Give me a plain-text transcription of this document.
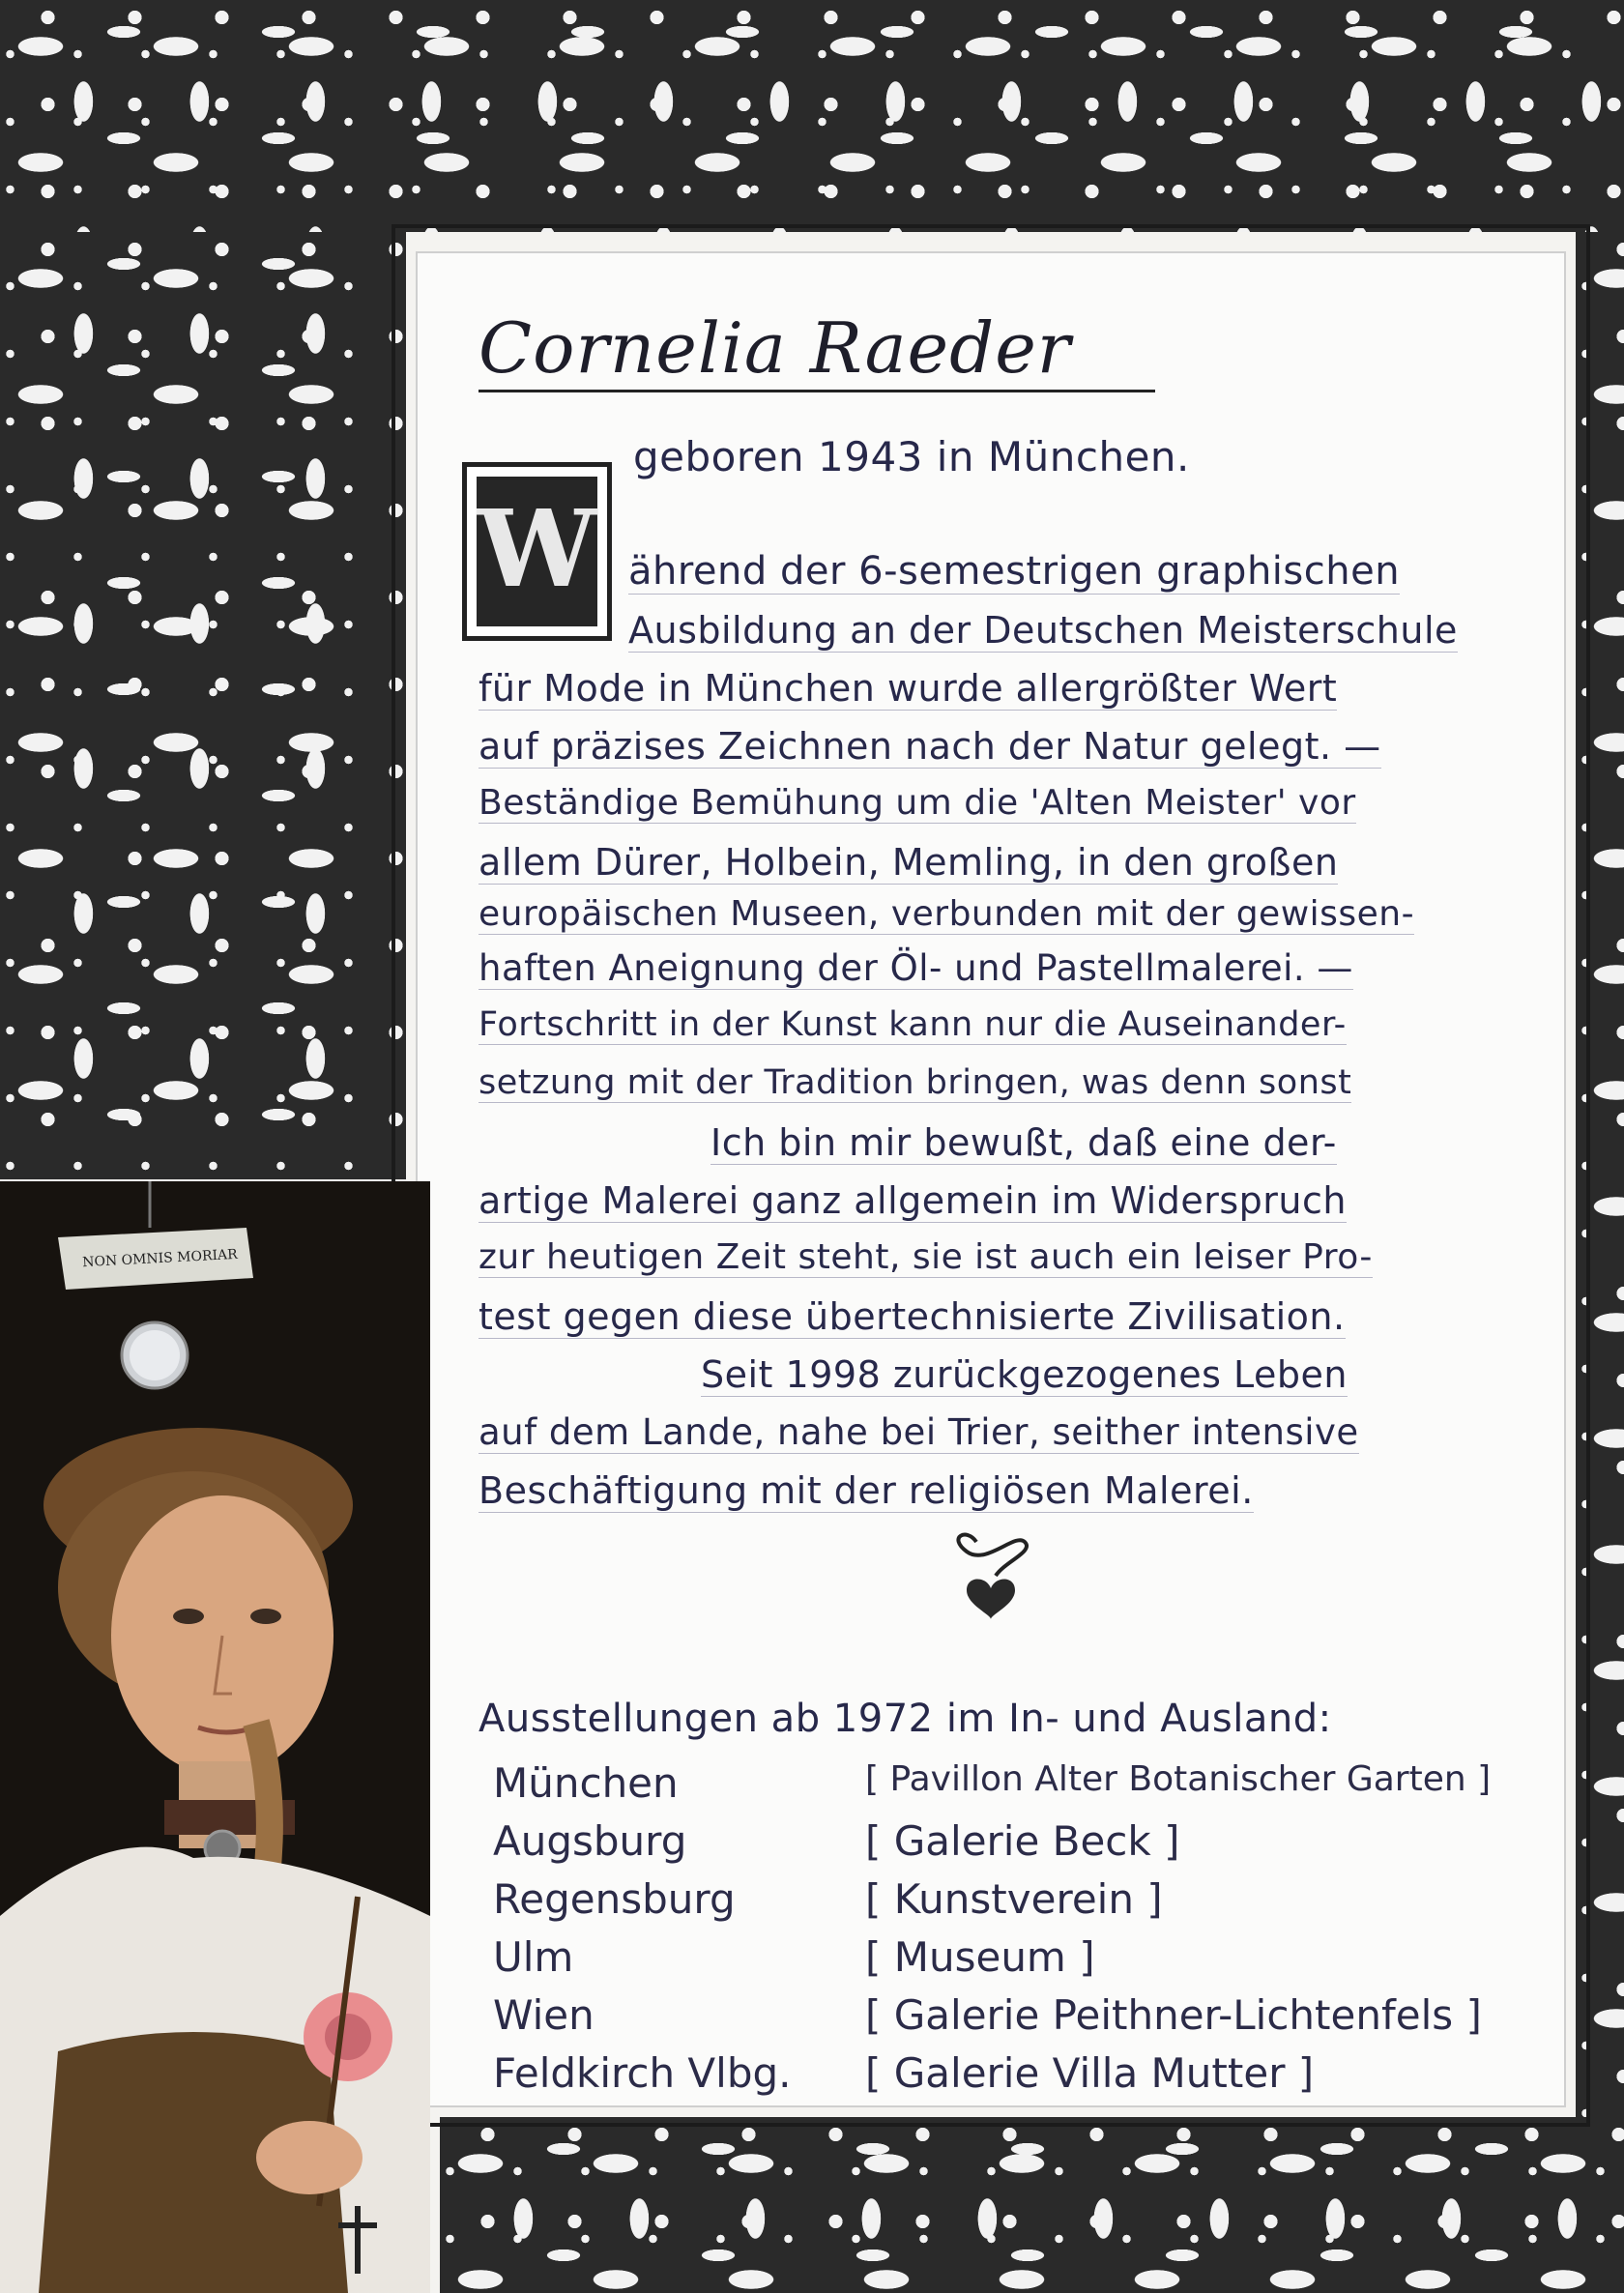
Cornelia Raeder
W
geboren 1943 in München.
ährend der 6-semestrigen graphischen
Ausbildung an der Deutschen Meisterschule
für Mode in München wurde allergrößter Wert
auf präzises Zeichnen nach der Natur gelegt. —
Beständige Bemühung um die 'Alten Meister' vor
allem Dürer, Holbein, Memling, in den großen
europäischen Museen, verbunden mit der gewissen-
haften Aneignung der Öl- und Pastellmalerei. —
Fortschritt in der Kunst kann nur die Auseinander-
setzung mit der Tradition bringen, was denn sonst
Ich bin mir bewußt, daß eine der-
artige Malerei ganz allgemein im Widerspruch
zur heutigen Zeit steht, sie ist auch ein leiser Pro-
test gegen diese übertechnisierte Zivilisation.
Seit 1998 zurückgezogenes Leben
auf dem Lande, nahe bei Trier, seither intensive
Beschäftigung mit der religiösen Malerei.
Ausstellungen ab 1972 im In- und Ausland:
München	[ Pavillon Alter Botanischer Garten ]
Augsburg	[ Galerie Beck ]
Regensburg	[ Kunstverein ]
Ulm	[ Museum ]
Wien	[ Galerie Peithner-Lichtenfels ]
Feldkirch Vlbg. [ Galerie Villa Mutter ]
NON OMNIS MORIAR
